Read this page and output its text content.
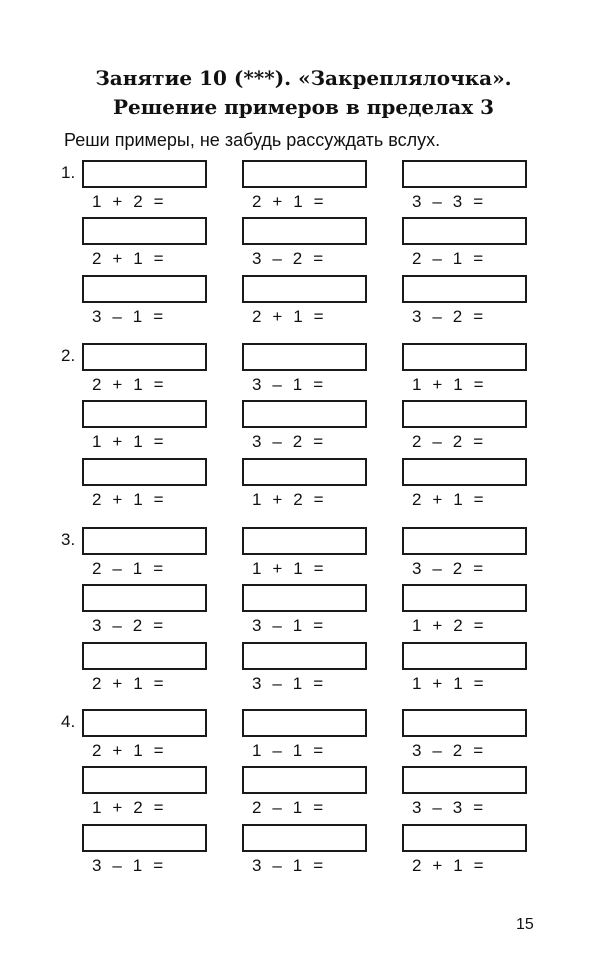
Занятие 10 (***). «Закреплялочка».
Решение примеров в пределах 3
Реши примеры, не забудь рассуждать вслух.
1.
1  +  2  =	2  +  1  =	3  –  3  =
2  +  1  =	3  –  2  =	2  –  1  =
3  –  1  =	2  +  1  =	3  –  2  =
2.
2  +  1  =	3  –  1  =	1  +  1  =
1  +  1  =	3  –  2  =	2  –  2  =
2  +  1  =	1  +  2  =	2  +  1  =
3.
2  –  1  =	1  +  1  =	3  –  2  =
3  –  2  =	3  –  1  =	1  +  2  =
2  +  1  =	3  –  1  =	1  +  1  =
4.
2  +  1  =	1  –  1  =	3  –  2  =
1  +  2  =	2  –  1  =	3  –  3  =
3  –  1  =	3  –  1  =	2  +  1  =
15
